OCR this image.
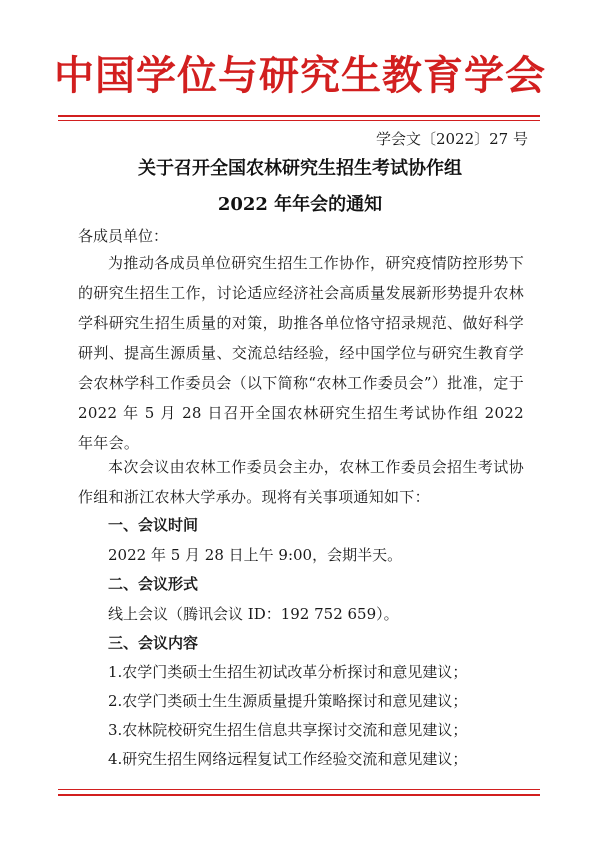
中国学位与研究生教育学会
学会文〔2022〕27 号
关于召开全国农林研究生招生考试协作组
2022 年年会的通知
各成员单位：
为推动各成员单位研究生招生工作协作，研究疫情防控形势下的研究生招生工作，讨论适应经济社会高质量发展新形势提升农林学科研究生招生质量的对策，助推各单位恪守招录规范、做好科学研判、提高生源质量、交流总结经验，经中国学位与研究生教育学会农林学科工作委员会（以下简称“农林工作委员会”）批准，定于 2022 年 5 月 28 日召开全国农林研究生招生考试协作组 2022 年年会。
本次会议由农林工作委员会主办，农林工作委员会招生考试协作组和浙江农林大学承办。现将有关事项通知如下：
一、会议时间
2022 年 5 月 28 日上午 9:00，会期半天。
二、会议形式
线上会议（腾讯会议 ID：192 752 659）。
三、会议内容
1.农学门类硕士生招生初试改革分析探讨和意见建议；
2.农学门类硕士生生源质量提升策略探讨和意见建议；
3.农林院校研究生招生信息共享探讨交流和意见建议；
4.研究生招生网络远程复试工作经验交流和意见建议；
